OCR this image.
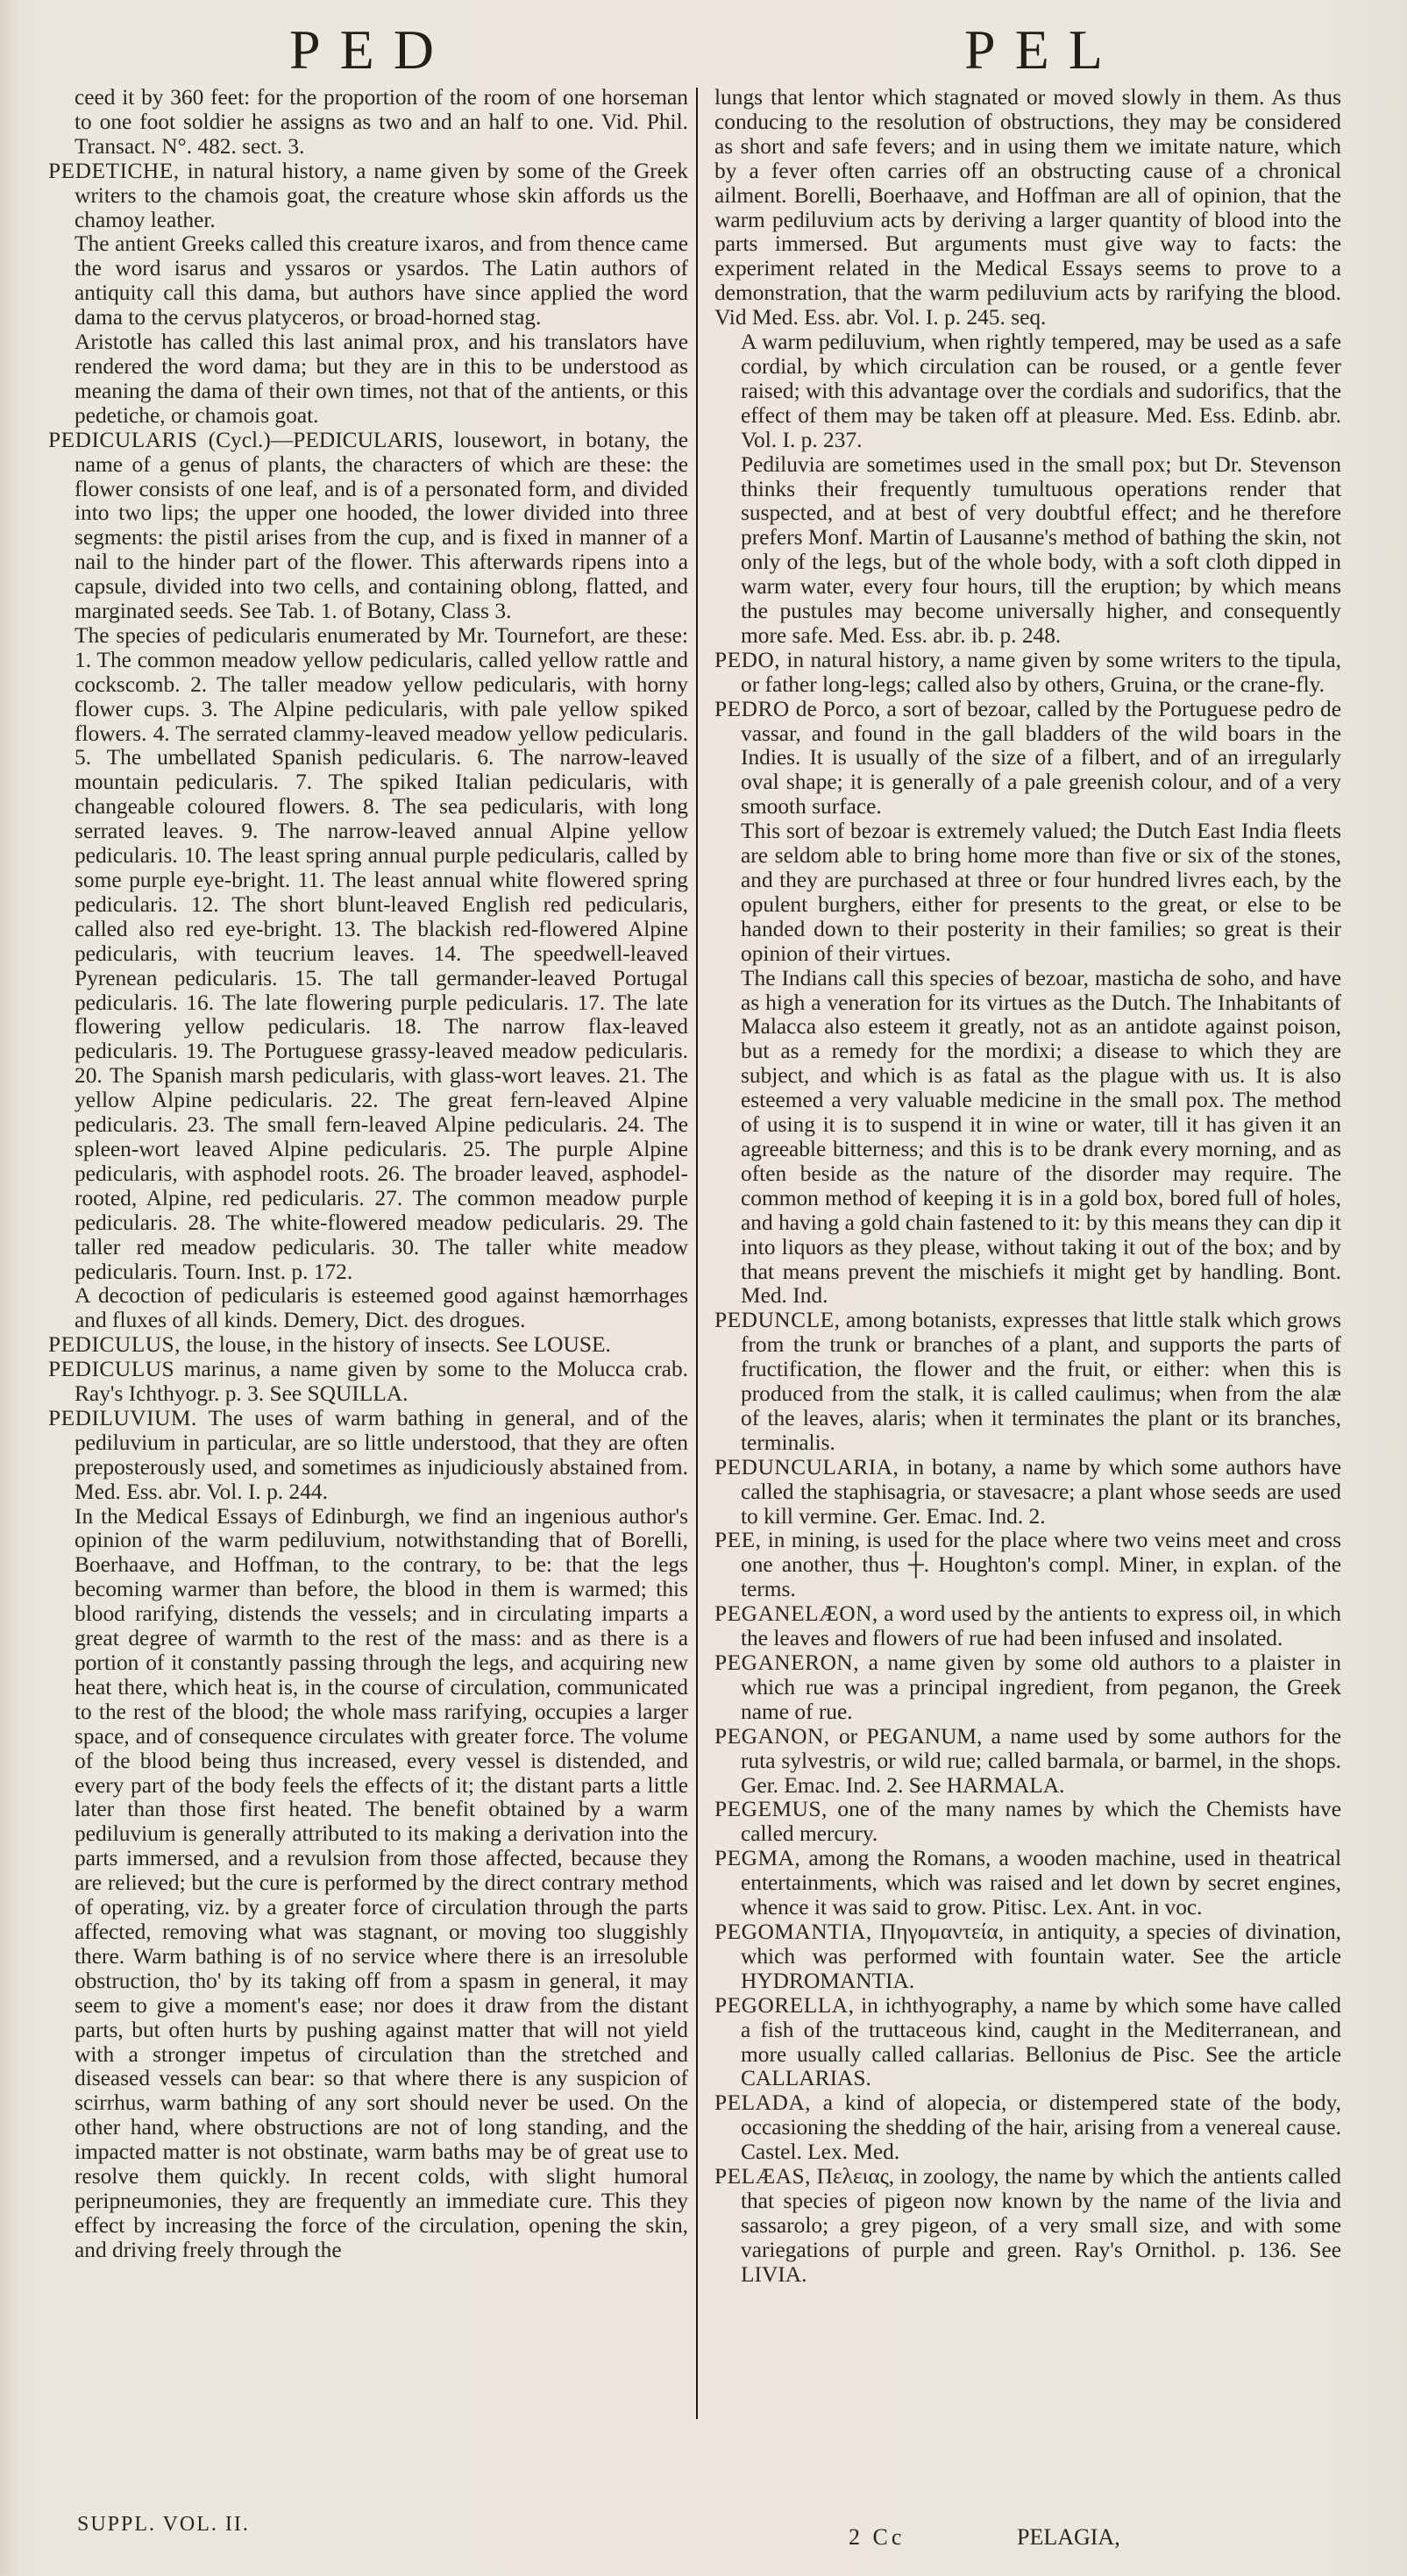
PED	PEL

ceed it by 360 feet: for the proportion of the room of one horseman to one foot soldier he assigns as two and an half to one. Vid. Phil. Transact. N°. 482. sect. 3.

PEDETICHE, in natural history, a name given by some of the Greek writers to the chamois goat, the creature whose skin affords us the chamoy leather.

The antient Greeks called this creature ixaros, and from thence came the word isarus and yssaros or ysardos. The Latin authors of antiquity call this dama, but authors have since applied the word dama to the cervus platyceros, or broad-horned stag.

Aristotle has called this last animal prox, and his translators have rendered the word dama; but they are in this to be understood as meaning the dama of their own times, not that of the antients, or this pedetiche, or chamois goat.

PEDICULARIS (Cycl.)—PEDICULARIS, lousewort, in botany, the name of a genus of plants, the characters of which are these: the flower consists of one leaf, and is of a personated form, and divided into two lips; the upper one hooded, the lower divided into three segments: the pistil arises from the cup, and is fixed in manner of a nail to the hinder part of the flower. This afterwards ripens into a capsule, divided into two cells, and containing oblong, flatted, and marginated seeds. See Tab. 1. of Botany, Class 3.

The species of pedicularis enumerated by Mr. Tournefort, are these: 1. The common meadow yellow pedicularis, called yellow rattle and cockscomb. 2. The taller meadow yellow pedicularis, with horny flower cups. 3. The Alpine pedicularis, with pale yellow spiked flowers. 4. The serrated clammy-leaved meadow yellow pedicularis. 5. The umbellated Spanish pedicularis. 6. The narrow-leaved mountain pedicularis. 7. The spiked Italian pedicularis, with changeable coloured flowers. 8. The sea pedicularis, with long serrated leaves. 9. The narrow-leaved annual Alpine yellow pedicularis. 10. The least spring annual purple pedicularis, called by some purple eye-bright. 11. The least annual white flowered spring pedicularis. 12. The short blunt-leaved English red pedicularis, called also red eye-bright. 13. The blackish red-flowered Alpine pedicularis, with teucrium leaves. 14. The speedwell-leaved Pyrenean pedicularis. 15. The tall germander-leaved Portugal pedicularis. 16. The late flowering purple pedicularis. 17. The late flowering yellow pedicularis. 18. The narrow flax-leaved pedicularis. 19. The Portuguese grassy-leaved meadow pedicularis. 20. The Spanish marsh pedicularis, with glass-wort leaves. 21. The yellow Alpine pedicularis. 22. The great fern-leaved Alpine pedicularis. 23. The small fern-leaved Alpine pedicularis. 24. The spleen-wort leaved Alpine pedicularis. 25. The purple Alpine pedicularis, with asphodel roots. 26. The broader leaved, asphodel-rooted, Alpine, red pedicularis. 27. The common meadow purple pedicularis. 28. The white-flowered meadow pedicularis. 29. The taller red meadow pedicularis. 30. The taller white meadow pedicularis. Tourn. Inst. p. 172.

A decoction of pedicularis is esteemed good against hæmorrhages and fluxes of all kinds. Demery, Dict. des drogues.

PEDICULUS, the louse, in the history of insects. See LOUSE.

PEDICULUS marinus, a name given by some to the Molucca crab. Ray's Ichthyogr. p. 3. See SQUILLA.

PEDILUVIUM. The uses of warm bathing in general, and of the pediluvium in particular, are so little understood, that they are often preposterously used, and sometimes as injudiciously abstained from. Med. Ess. abr. Vol. I. p. 244.

In the Medical Essays of Edinburgh, we find an ingenious author's opinion of the warm pediluvium, notwithstanding that of Borelli, Boerhaave, and Hoffman, to the contrary, to be: that the legs becoming warmer than before, the blood in them is warmed; this blood rarifying, distends the vessels; and in circulating imparts a great degree of warmth to the rest of the mass: and as there is a portion of it constantly passing through the legs, and acquiring new heat there, which heat is, in the course of circulation, communicated to the rest of the blood; the whole mass rarifying, occupies a larger space, and of consequence circulates with greater force. The volume of the blood being thus increased, every vessel is distended, and every part of the body feels the effects of it; the distant parts a little later than those first heated. The benefit obtained by a warm pediluvium is generally attributed to its making a derivation into the parts immersed, and a revulsion from those affected, because they are relieved; but the cure is performed by the direct contrary method of operating, viz. by a greater force of circulation through the parts affected, removing what was stagnant, or moving too sluggishly there. Warm bathing is of no service where there is an irresoluble obstruction, tho' by its taking off from a spasm in general, it may seem to give a moment's ease; nor does it draw from the distant parts, but often hurts by pushing against matter that will not yield with a stronger impetus of circulation than the stretched and diseased vessels can bear: so that where there is any suspicion of scirrhus, warm bathing of any sort should never be used. On the other hand, where obstructions are not of long standing, and the impacted matter is not obstinate, warm baths may be of great use to resolve them quickly. In recent colds, with slight humoral peripneumonies, they are frequently an immediate cure. This they effect by increasing the force of the circulation, opening the skin, and driving freely through the

lungs that lentor which stagnated or moved slowly in them. As thus conducing to the resolution of obstructions, they may be considered as short and safe fevers; and in using them we imitate nature, which by a fever often carries off an obstructing cause of a chronical ailment. Borelli, Boerhaave, and Hoffman are all of opinion, that the warm pediluvium acts by deriving a larger quantity of blood into the parts immersed. But arguments must give way to facts: the experiment related in the Medical Essays seems to prove to a demonstration, that the warm pediluvium acts by rarifying the blood. Vid Med. Ess. abr. Vol. I. p. 245. seq.

A warm pediluvium, when rightly tempered, may be used as a safe cordial, by which circulation can be roused, or a gentle fever raised; with this advantage over the cordials and sudorifics, that the effect of them may be taken off at pleasure. Med. Ess. Edinb. abr. Vol. I. p. 237.

Pediluvia are sometimes used in the small pox; but Dr. Stevenson thinks their frequently tumultuous operations render that suspected, and at best of very doubtful effect; and he therefore prefers Monf. Martin of Lausanne's method of bathing the skin, not only of the legs, but of the whole body, with a soft cloth dipped in warm water, every four hours, till the eruption; by which means the pustules may become universally higher, and consequently more safe. Med. Ess. abr. ib. p. 248.

PEDO, in natural history, a name given by some writers to the tipula, or father long-legs; called also by others, Gruina, or the crane-fly.

PEDRO de Porco, a sort of bezoar, called by the Portuguese pedro de vassar, and found in the gall bladders of the wild boars in the Indies. It is usually of the size of a filbert, and of an irregularly oval shape; it is generally of a pale greenish colour, and of a very smooth surface.

This sort of bezoar is extremely valued; the Dutch East India fleets are seldom able to bring home more than five or six of the stones, and they are purchased at three or four hundred livres each, by the opulent burghers, either for presents to the great, or else to be handed down to their posterity in their families; so great is their opinion of their virtues.

The Indians call this species of bezoar, masticha de soho, and have as high a veneration for its virtues as the Dutch. The Inhabitants of Malacca also esteem it greatly, not as an antidote against poison, but as a remedy for the mordixi; a disease to which they are subject, and which is as fatal as the plague with us. It is also esteemed a very valuable medicine in the small pox. The method of using it is to suspend it in wine or water, till it has given it an agreeable bitterness; and this is to be drank every morning, and as often beside as the nature of the disorder may require. The common method of keeping it is in a gold box, bored full of holes, and having a gold chain fastened to it: by this means they can dip it into liquors as they please, without taking it out of the box; and by that means prevent the mischiefs it might get by handling. Bont. Med. Ind.

PEDUNCLE, among botanists, expresses that little stalk which grows from the trunk or branches of a plant, and supports the parts of fructification, the flower and the fruit, or either: when this is produced from the stalk, it is called caulimus; when from the alæ of the leaves, alaris; when it terminates the plant or its branches, terminalis.

PEDUNCULARIA, in botany, a name by which some authors have called the staphisagria, or stavesacre; a plant whose seeds are used to kill vermine. Ger. Emac. Ind. 2.

PEE, in mining, is used for the place where two veins meet and cross one another, thus ┼. Houghton's compl. Miner, in explan. of the terms.

PEGANELÆON, a word used by the antients to express oil, in which the leaves and flowers of rue had been infused and insolated.

PEGANERON, a name given by some old authors to a plaister in which rue was a principal ingredient, from peganon, the Greek name of rue.

PEGANON, or PEGANUM, a name used by some authors for the ruta sylvestris, or wild rue; called barmala, or barmel, in the shops. Ger. Emac. Ind. 2. See HARMALA.

PEGEMUS, one of the many names by which the Chemists have called mercury.

PEGMA, among the Romans, a wooden machine, used in theatrical entertainments, which was raised and let down by secret engines, whence it was said to grow. Pitisc. Lex. Ant. in voc.

PEGOMANTIA, Πηγομαντεία, in antiquity, a species of divination, which was performed with fountain water. See the article HYDROMANTIA.

PEGORELLA, in ichthyography, a name by which some have called a fish of the truttaceous kind, caught in the Mediterranean, and more usually called callarias. Bellonius de Pisc. See the article CALLARIAS.

PELADA, a kind of alopecia, or distempered state of the body, occasioning the shedding of the hair, arising from a venereal cause. Castel. Lex. Med.

PELÆAS, Πελειας, in zoology, the name by which the antients called that species of pigeon now known by the name of the livia and sassarolo; a grey pigeon, of a very small size, and with some variegations of purple and green. Ray's Ornithol. p. 136. See LIVIA.

SUPPL. VOL. II.	2 Cc	PELAGIA,
